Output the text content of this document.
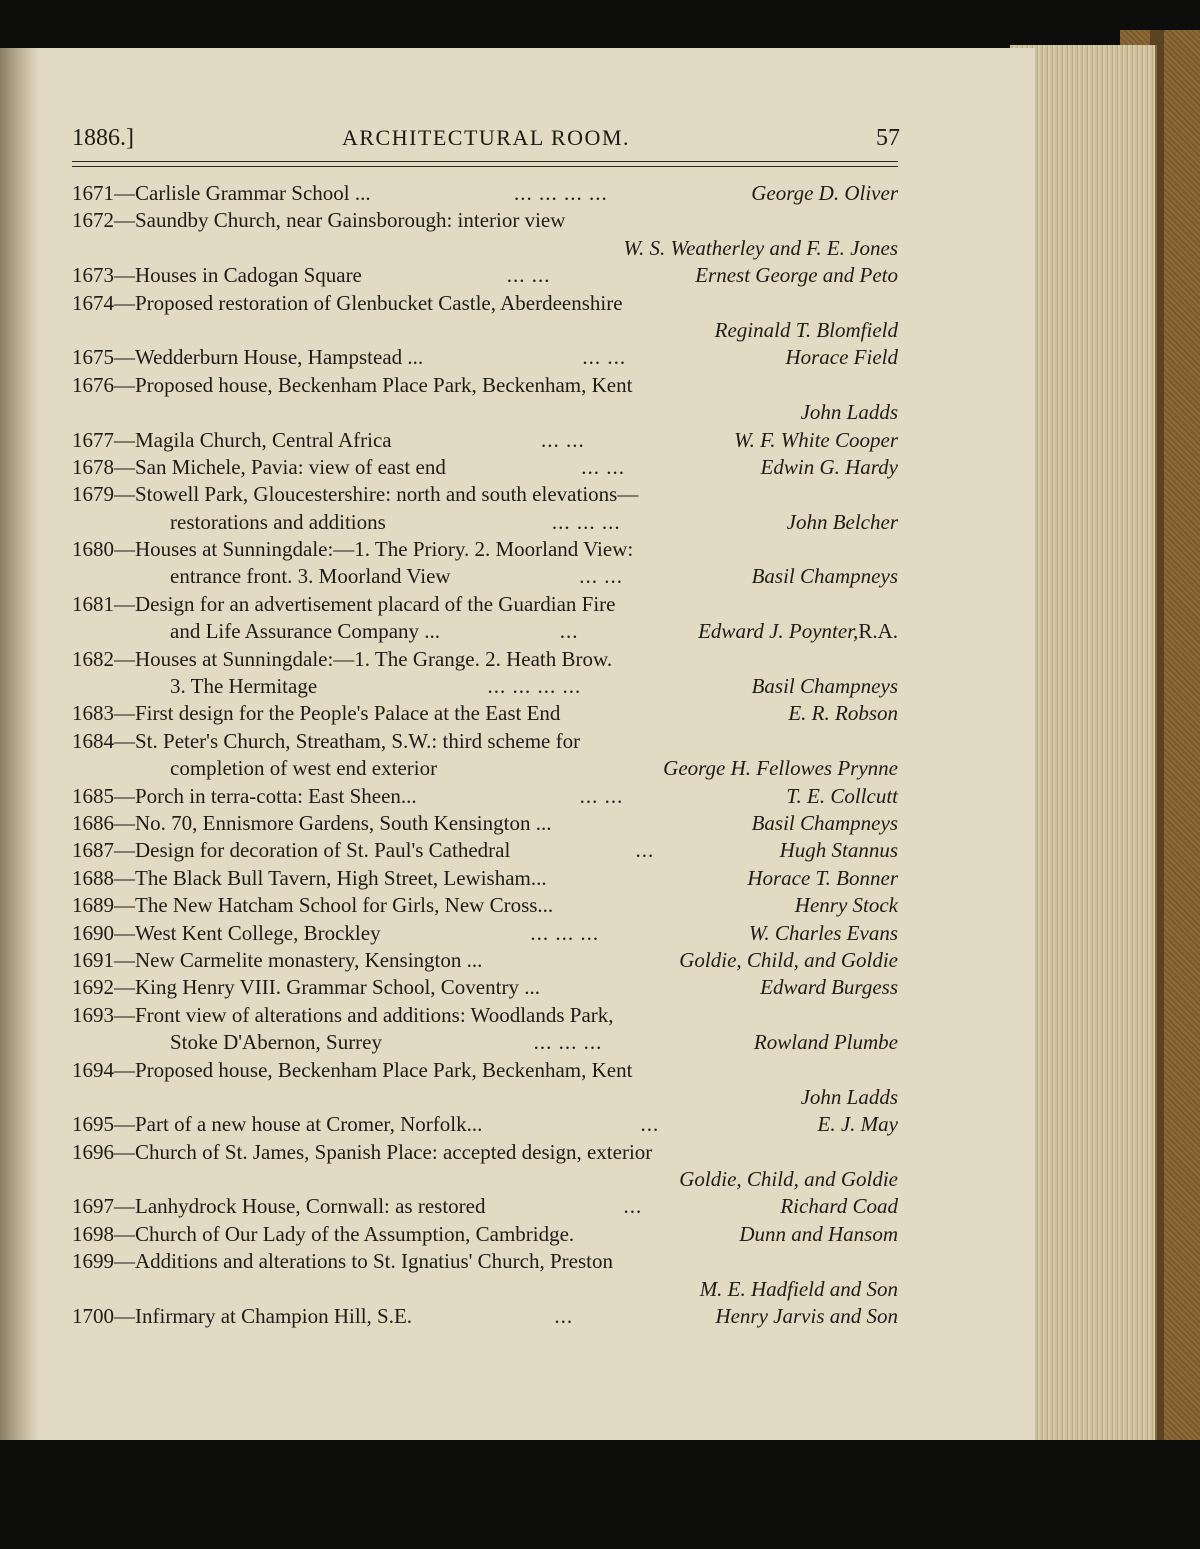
1886.]	ARCHITECTURAL ROOM.	57
1671— Carlisle Grammar School ...	... ... ... ...	George D. Oliver
1672— Saundby Church, near Gainsborough: interior view
W. S. Weatherley and F. E. Jones
1673— Houses in Cadogan Square	... ...	Ernest George and Peto
1674— Proposed restoration of Glenbucket Castle, Aberdeenshire
Reginald T. Blomfield
1675— Wedderburn House, Hampstead ...	... ...	Horace Field
1676— Proposed house, Beckenham Place Park, Beckenham, Kent
John Ladds
1677— Magila Church, Central Africa	... ...	W. F. White Cooper
1678— San Michele, Pavia: view of east end	... ...	Edwin G. Hardy
1679— Stowell Park, Gloucestershire: north and south elevations—
restorations and additions	... ... ...	John Belcher
1680— Houses at Sunningdale:—1. The Priory. 2. Moorland View:
entrance front. 3. Moorland View	... ...	Basil Champneys
1681— Design for an advertisement placard of the Guardian Fire
and Life Assurance Company ...	...	Edward J. Poynter, R.A.
1682— Houses at Sunningdale:—1. The Grange. 2. Heath Brow.
3. The Hermitage	... ... ... ...	Basil Champneys
1683— First design for the People's Palace at the East End	E. R. Robson
1684— St. Peter's Church, Streatham, S.W.: third scheme for
completion of west end exterior	George H. Fellowes Prynne
1685— Porch in terra-cotta: East Sheen...	... ...	T. E. Collcutt
1686— No. 70, Ennismore Gardens, South Kensington ...	Basil Champneys
1687— Design for decoration of St. Paul's Cathedral	...	Hugh Stannus
1688— The Black Bull Tavern, High Street, Lewisham...	Horace T. Bonner
1689— The New Hatcham School for Girls, New Cross...	Henry Stock
1690— West Kent College, Brockley	... ... ...	W. Charles Evans
1691— New Carmelite monastery, Kensington ...	Goldie, Child, and Goldie
1692— King Henry VIII. Grammar School, Coventry ...	Edward Burgess
1693— Front view of alterations and additions: Woodlands Park,
Stoke D'Abernon, Surrey	... ... ...	Rowland Plumbe
1694— Proposed house, Beckenham Place Park, Beckenham, Kent
John Ladds
1695— Part of a new house at Cromer, Norfolk...	...	E. J. May
1696— Church of St. James, Spanish Place: accepted design, exterior
Goldie, Child, and Goldie
1697— Lanhydrock House, Cornwall: as restored	...	Richard Coad
1698— Church of Our Lady of the Assumption, Cambridge.	Dunn and Hansom
1699— Additions and alterations to St. Ignatius' Church, Preston
M. E. Hadfield and Son
1700— Infirmary at Champion Hill, S.E.	...	Henry Jarvis and Son
